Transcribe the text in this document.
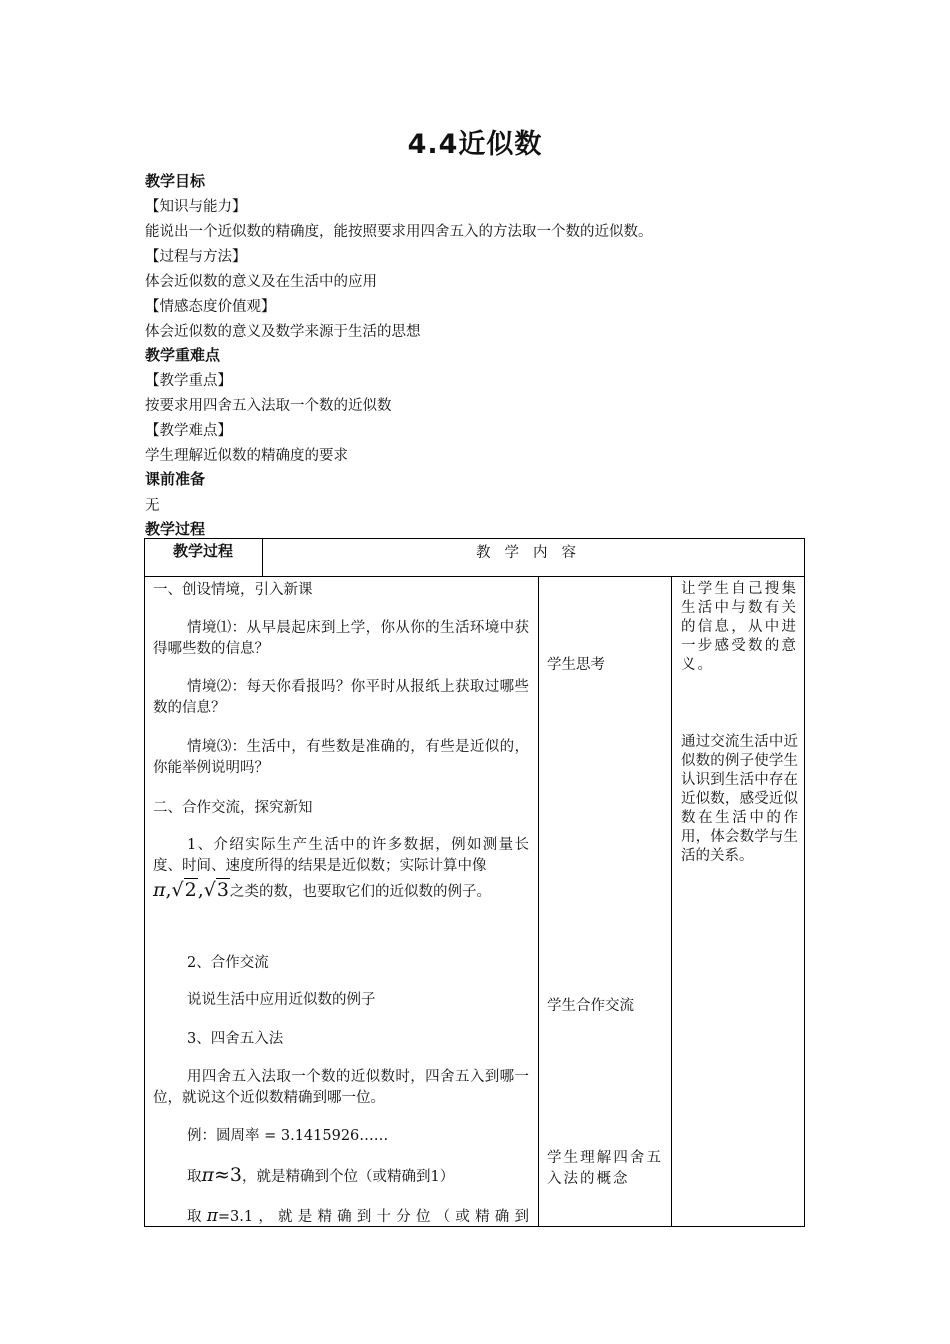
4.4近似数

教学目标

【知识与能力】

能说出一个近似数的精确度，能按照要求用四舍五入的方法取一个数的近似数。

【过程与方法】

体会近似数的意义及在生活中的应用

【情感态度价值观】

体会近似数的意义及数学来源于生活的思想

教学重难点

【教学重点】

按要求用四舍五入法取一个数的近似数

【教学难点】

学生理解近似数的精确度的要求

课前准备

无

教学过程

教学过程	教学内容

一、创设情境，引入新课

情境⑴：从早晨起床到上学，你从你的生活环境中获得哪些数的信息？

情境⑵：每天你看报吗？你平时从报纸上获取过哪些数的信息？

情境⑶：生活中，有些数是准确的，有些是近似的，你能举例说明吗？

二、合作交流，探究新知

1、介绍实际生产生活中的许多数据，例如测量长度、时间、速度所得的结果是近似数；实际计算中像

π,√2,√3之类的数，也要取它们的近似数的例子。

2、合作交流

说说生活中应用近似数的例子

3、四舍五入法

用四舍五入法取一个数的近似数时，四舍五入到哪一位，就说这个近似数精确到哪一位。

例：圆周率 = 3.1415926……

取π≈3，就是精确到个位（或精确到1）

取π=3.1，就是精确到十分位（或精确到

学生思考

学生合作交流

学生理解四舍五入法的概念

让学生自己搜集生活中与数有关的信息，从中进一步感受数的意义。

通过交流生活中近似数的例子使学生认识到生活中存在近似数，感受近似数在生活中的作用，体会数学与生活的关系。
